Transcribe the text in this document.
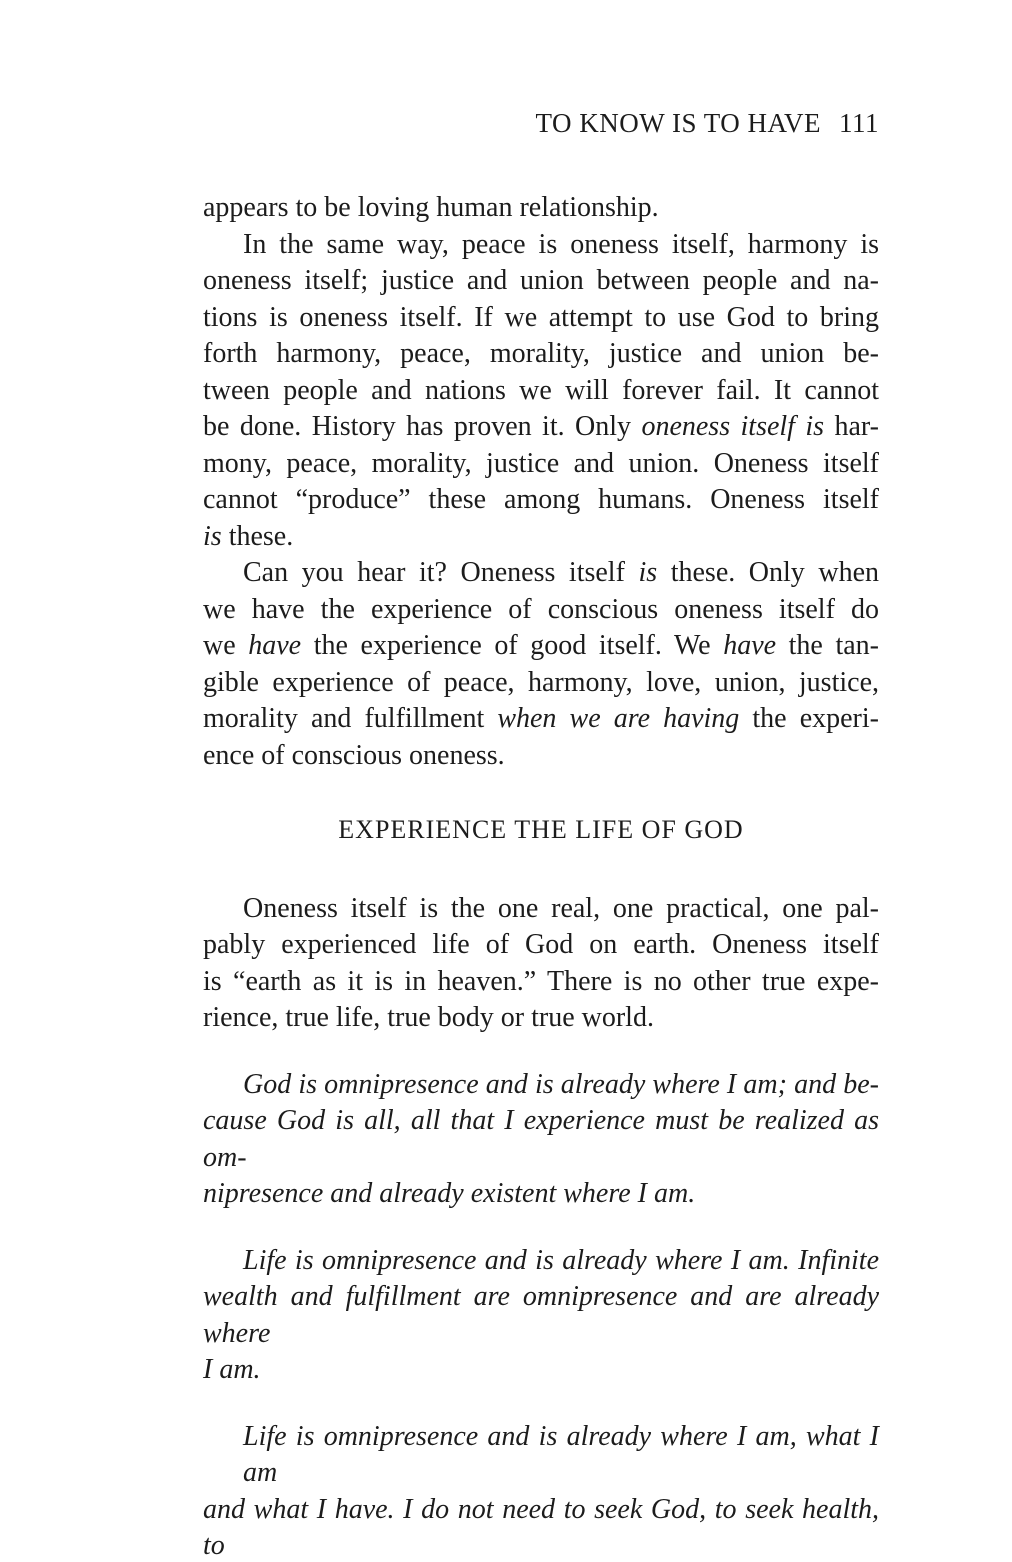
TO KNOW IS TO HAVE 111
appears to be loving human relationship.
In the same way, peace is oneness itself, harmony is
oneness itself; justice and union between people and na-
tions is oneness itself. If we attempt to use God to bring
forth harmony, peace, morality, justice and union be-
tween people and nations we will forever fail. It cannot
be done. History has proven it. Only oneness itself is har-
mony, peace, morality, justice and union. Oneness itself
cannot “produce” these among humans. Oneness itself
is these.
Can you hear it? Oneness itself is these. Only when
we have the experience of conscious oneness itself do
we have the experience of good itself. We have the tan-
gible experience of peace, harmony, love, union, justice,
morality and fulfillment when we are having the experi-
ence of conscious oneness.
EXPERIENCE THE LIFE OF GOD
Oneness itself is the one real, one practical, one pal-
pably experienced life of God on earth. Oneness itself
is “earth as it is in heaven.” There is no other true expe-
rience, true life, true body or true world.
God is omnipresence and is already where I am; and be-
cause God is all, all that I experience must be realized as om-
nipresence and already existent where I am.
Life is omnipresence and is already where I am. Infinite
wealth and fulfillment are omnipresence and are already where
I am.
Life is omnipresence and is already where I am, what I am
and what I have. I do not need to seek God, to seek health, to
